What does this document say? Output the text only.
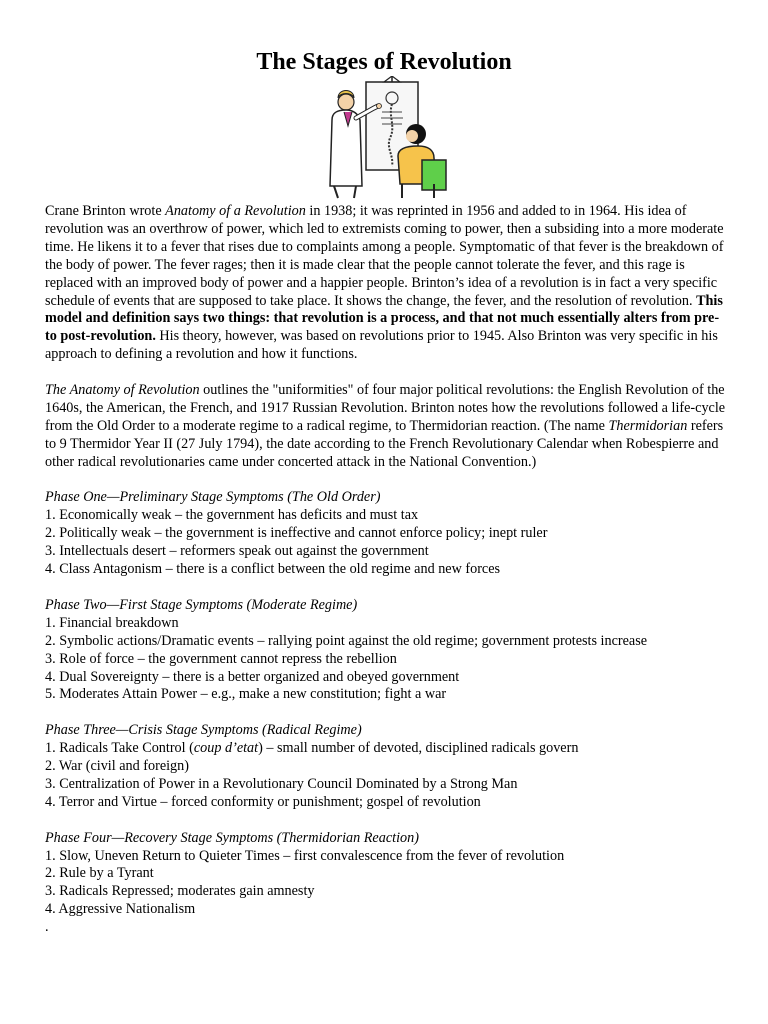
The Stages of Revolution

Crane Brinton wrote Anatomy of a Revolution in 1938; it was reprinted in 1956 and added to in 1964. His idea of revolution was an overthrow of power, which led to extremists coming to power, then a subsiding into a more moderate time. He likens it to a fever that rises due to complaints among a people. Symptomatic of that fever is the breakdown of the body of power. The fever rages; then it is made clear that the people cannot tolerate the fever, and this rage is replaced with an improved body of power and a happier people. Brinton’s idea of a revolution is in fact a very specific schedule of events that are supposed to take place. It shows the change, the fever, and the resolution of revolution. This model and definition says two things: that revolution is a process, and that not much essentially alters from pre-to post-revolution. His theory, however, was based on revolutions prior to 1945. Also Brinton was very specific in his approach to defining a revolution and how it functions.

The Anatomy of Revolution outlines the "uniformities" of four major political revolutions: the English Revolution of the 1640s, the American, the French, and 1917 Russian Revolution. Brinton notes how the revolutions followed a life-cycle from the Old Order to a moderate regime to a radical regime, to Thermidorian reaction. (The name Thermidorian refers to 9 Thermidor Year II (27 July 1794), the date according to the French Revolutionary Calendar when Robespierre and other radical revolutionaries came under concerted attack in the National Convention.)

Phase One—Preliminary Stage Symptoms (The Old Order)
1. Economically weak – the government has deficits and must tax
2. Politically weak – the government is ineffective and cannot enforce policy; inept ruler
3. Intellectuals desert – reformers speak out against the government
4. Class Antagonism – there is a conflict between the old regime and new forces
Phase Two—First Stage Symptoms (Moderate Regime)
1. Financial breakdown
2. Symbolic actions/Dramatic events – rallying point against the old regime; government protests increase
3. Role of force – the government cannot repress the rebellion
4. Dual Sovereignty – there is a better organized and obeyed government
5. Moderates Attain Power – e.g., make a new constitution; fight a war
Phase Three—Crisis Stage Symptoms (Radical Regime)
1. Radicals Take Control (coup d’etat) – small number of devoted, disciplined radicals govern
2. War (civil and foreign)
3. Centralization of Power in a Revolutionary Council Dominated by a Strong Man
4. Terror and Virtue – forced conformity or punishment; gospel of revolution
Phase Four—Recovery Stage Symptoms (Thermidorian Reaction)
1. Slow, Uneven Return to Quieter Times – first convalescence from the fever of revolution
2. Rule by a Tyrant
3. Radicals Repressed; moderates gain amnesty
4. Aggressive Nationalism
.
